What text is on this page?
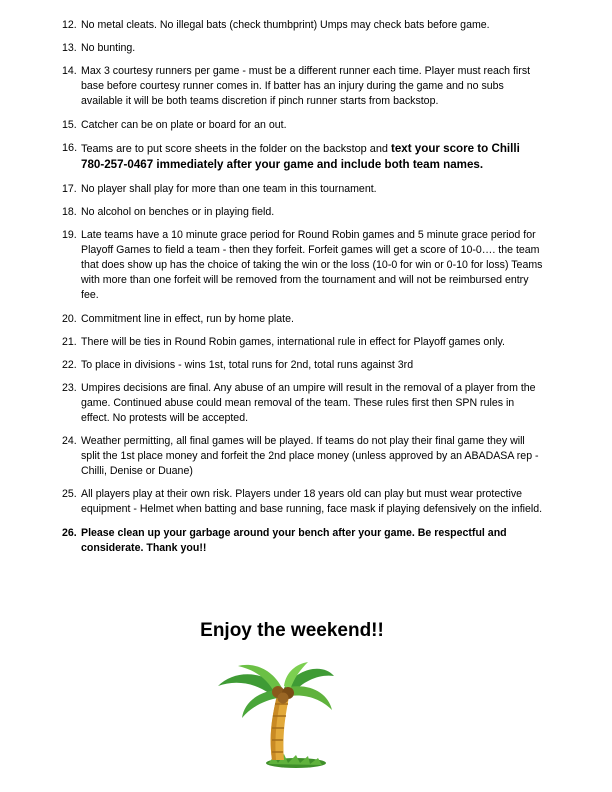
12. No metal cleats. No illegal bats (check thumbprint) Umps may check bats before game.
13. No bunting.
14. Max 3 courtesy runners per game - must be a different runner each time. Player must reach first base before courtesy runner comes in. If batter has an injury during the game and no subs available it will be both teams discretion if pinch runner starts from backstop.
15. Catcher can be on plate or board for an out.
16. Teams are to put score sheets in the folder on the backstop and text your score to Chilli 780-257-0467 immediately after your game and include both team names.
17. No player shall play for more than one team in this tournament.
18. No alcohol on benches or in playing field.
19. Late teams have a 10 minute grace period for Round Robin games and 5 minute grace period for Playoff Games to field a team - then they forfeit. Forfeit games will get a score of 10-0…. the team that does show up has the choice of taking the win or the loss (10-0 for win or 0-10 for loss) Teams with more than one forfeit will be removed from the tournament and will not be reimbursed entry fee.
20. Commitment line in effect, run by home plate.
21. There will be ties in Round Robin games, international rule in effect for Playoff games only.
22. To place in divisions - wins 1st, total runs for 2nd, total runs against 3rd
23. Umpires decisions are final. Any abuse of an umpire will result in the removal of a player from the game. Continued abuse could mean removal of the team. These rules first then SPN rules in effect. No protests will be accepted.
24. Weather permitting, all final games will be played. If teams do not play their final game they will split the 1st place money and forfeit the 2nd place money (unless approved by an ABADASA rep - Chilli, Denise or Duane)
25. All players play at their own risk. Players under 18 years old can play but must wear protective equipment - Helmet when batting and base running, face mask if playing defensively on the infield.
26. Please clean up your garbage around your bench after your game. Be respectful and considerate. Thank you!!
Enjoy the weekend!!
